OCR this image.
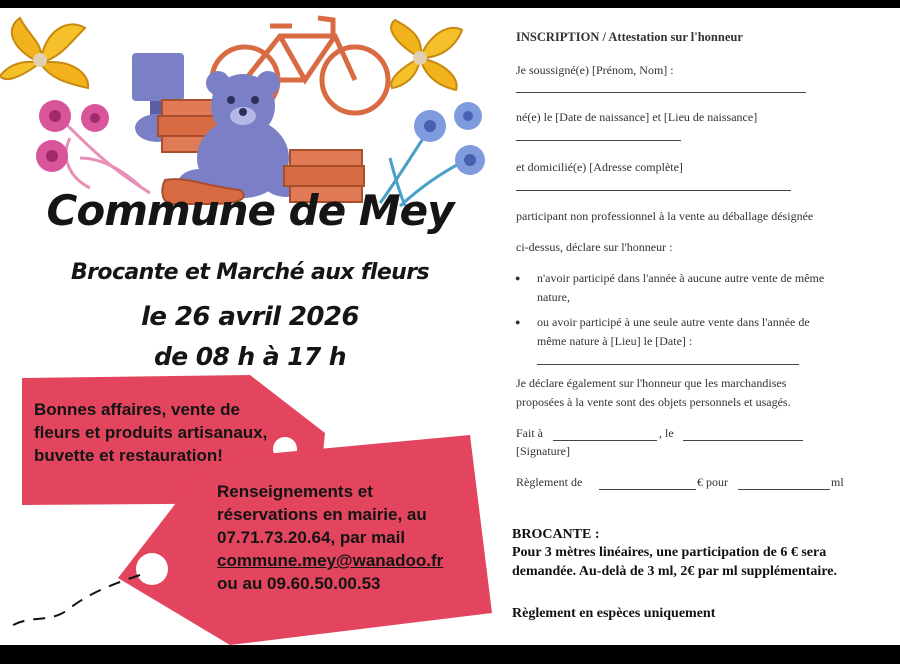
Commune de Mey
Brocante et Marché aux fleurs
le 26 avril 2026
de 08 h à 17 h
Bonnes affaires, vente de fleurs et produits artisanaux, buvette et restauration!
Renseignements et
réservations en mairie, au
07.71.73.20.64, par mail
commune.mey@wanadoo.fr
ou au 09.60.50.00.53
INSCRIPTION / Attestation sur l'honneur
Je soussigné(e) [Prénom, Nom] :
né(e) le [Date de naissance] et [Lieu de naissance]
et domicilié(e) [Adresse complète]
participant non professionnel à la vente au déballage désignée
ci-dessus, déclare sur l'honneur :
● n'avoir participé dans l'année à aucune autre vente de même
nature,
● ou avoir participé à une seule autre vente dans l'année de
même nature à [Lieu] le [Date] :
Je déclare également sur l'honneur que les marchandises
proposées à la vente sont des objets personnels et usagés.
Fait à	, le
[Signature]
Règlement de	€ pour	ml
BROCANTE :
Pour 3 mètres linéaires, une participation de 6 € sera
demandée. Au-delà de 3 ml, 2€ par ml supplémentaire.
Règlement en espèces uniquement
